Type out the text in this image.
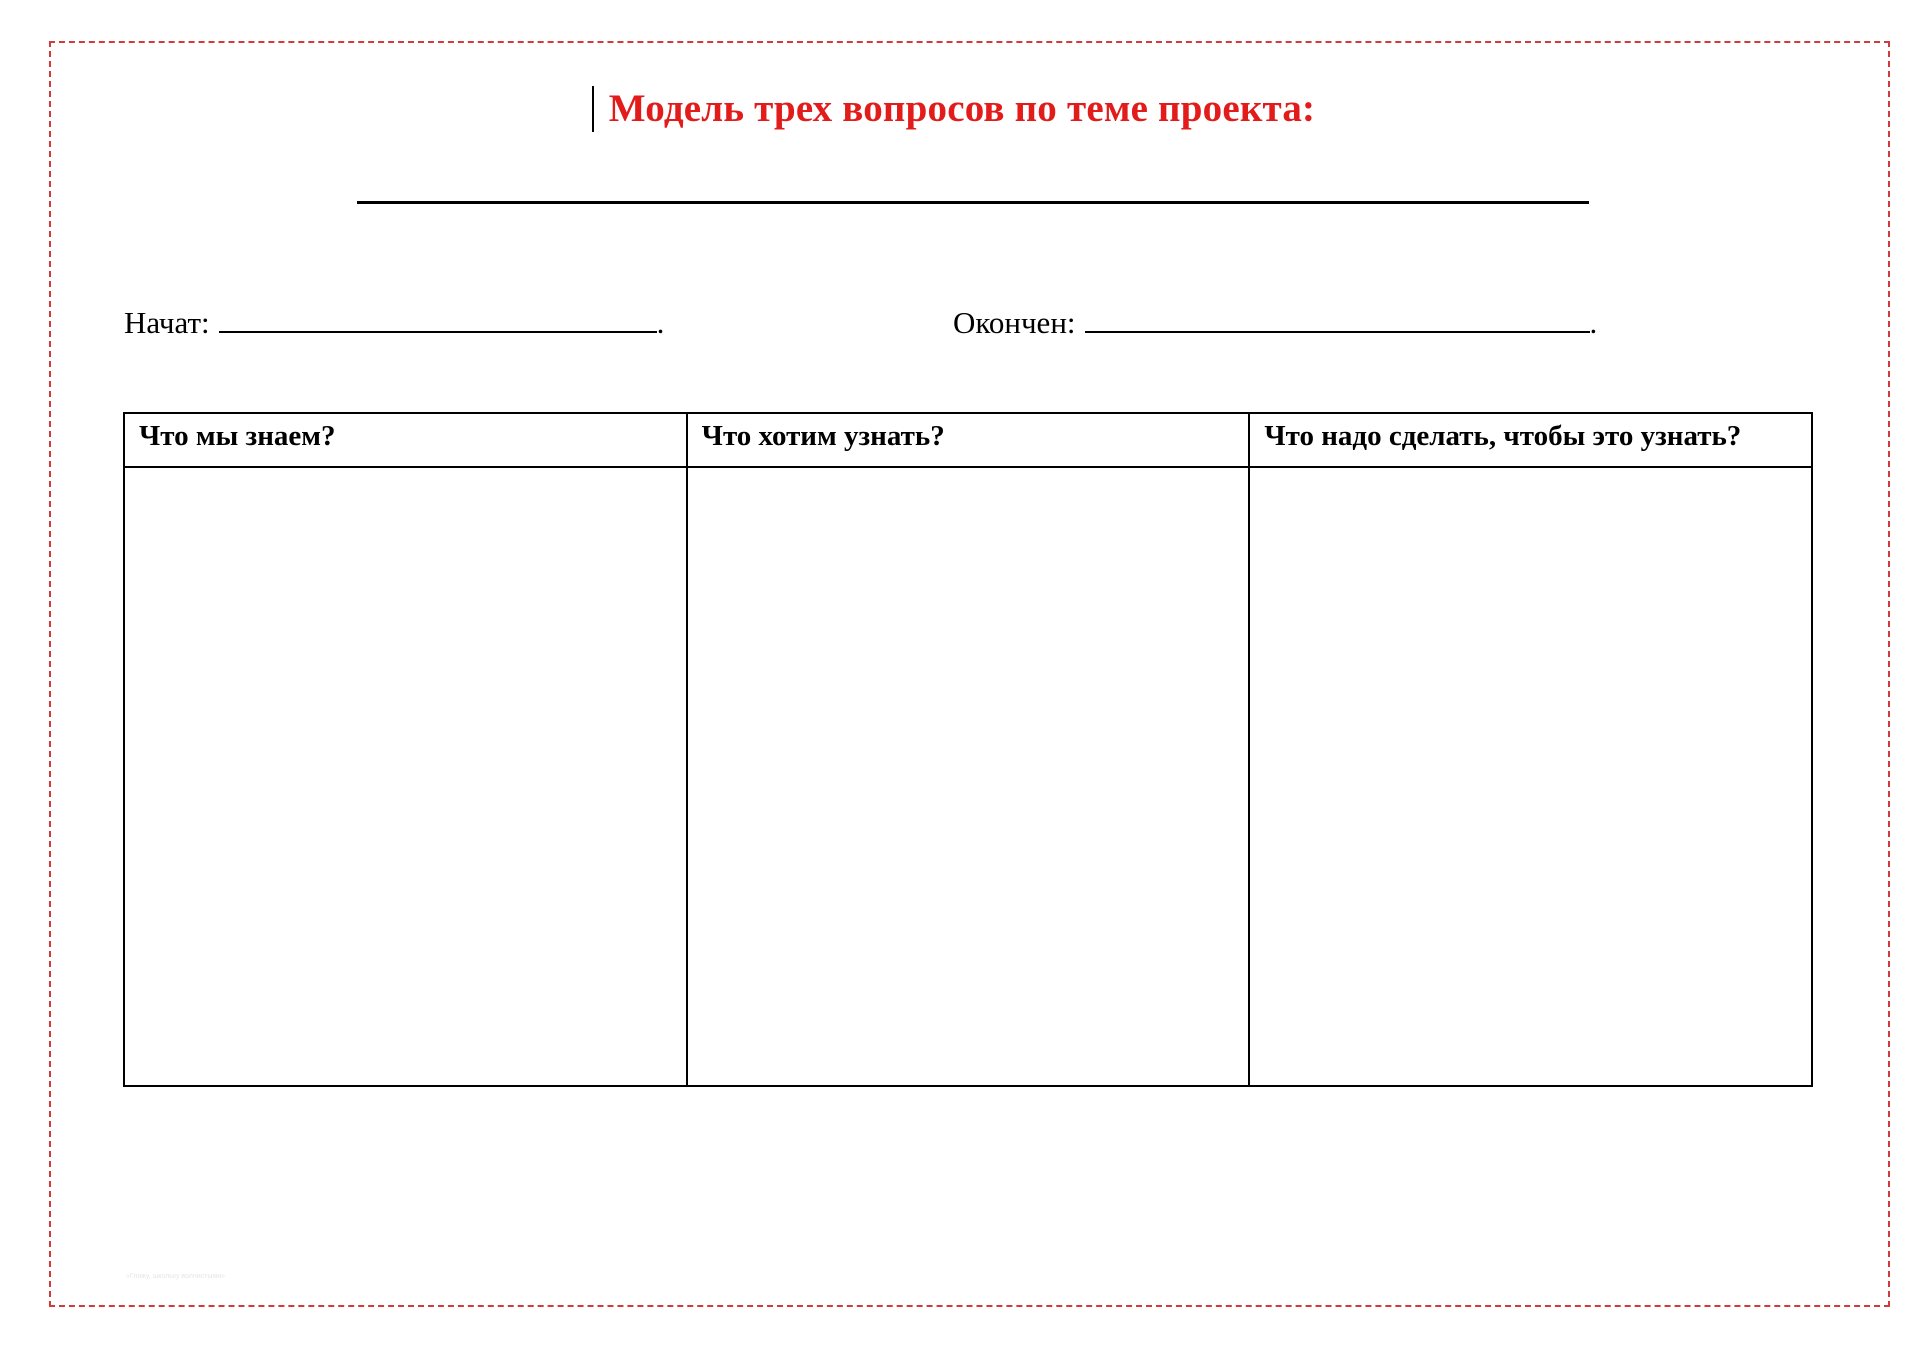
Модель трех вопросов по теме проекта:
Начат:	.	Окончен:	.
Что мы знаем?	Что хотим узнать?	Что надо сделать, чтобы это узнать?

«Гляжу, школьку волнистыми»
